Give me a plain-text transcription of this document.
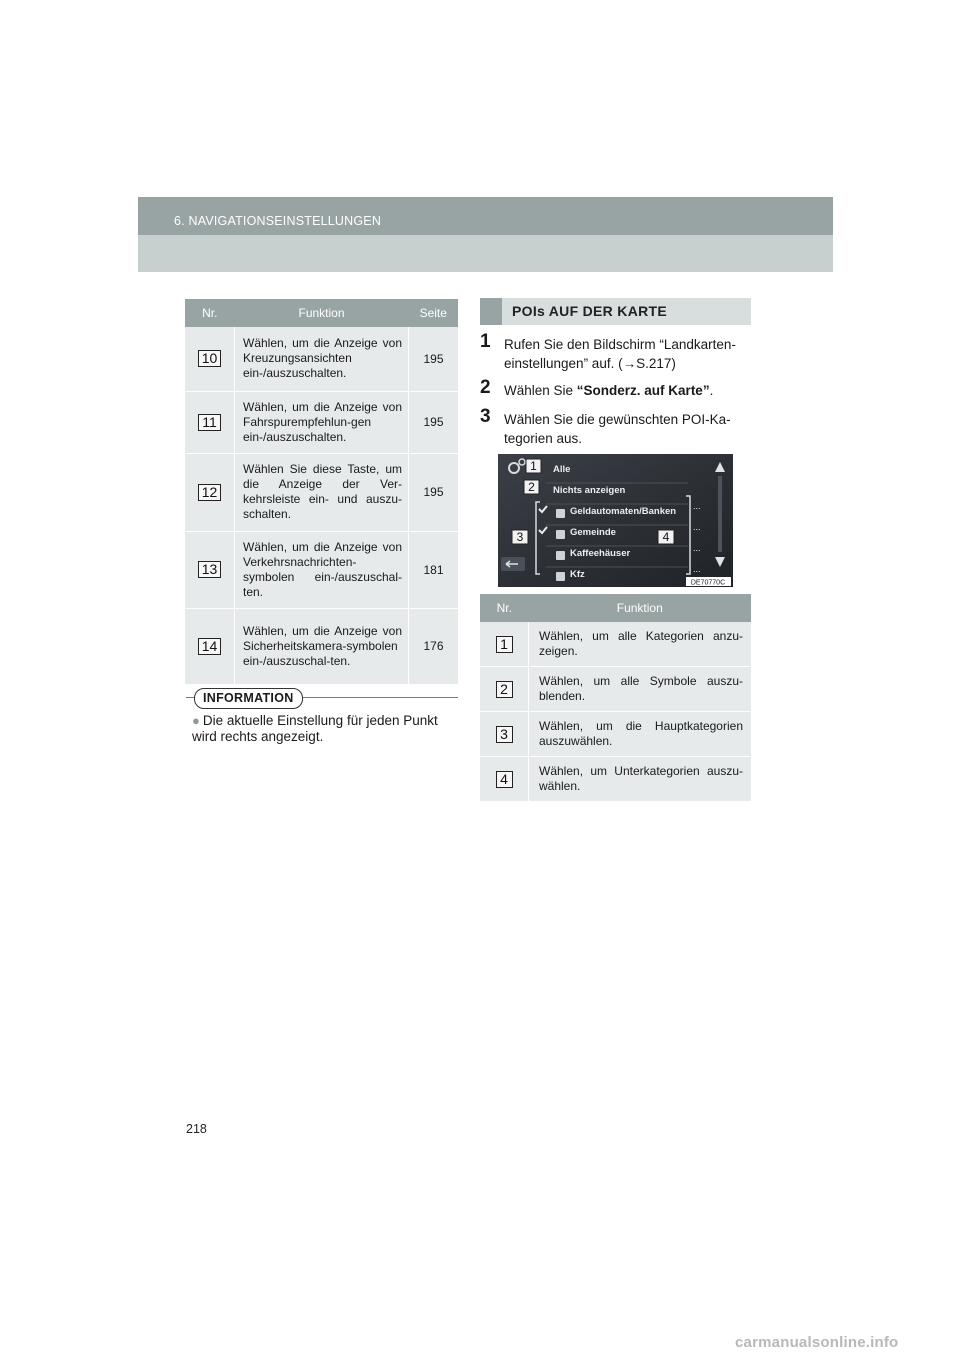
6. NAVIGATIONSEINSTELLUNGEN
Nr.	Funktion	Seite
10	Wählen, um die Anzeige von Kreuzungsansichten ein-/auszuschalten.	195
11	Wählen, um die Anzeige von Fahrspurempfehlun-gen ein-/auszuschalten.	195
12	Wählen Sie diese Taste, um die Anzeige der Ver-kehrsleiste ein- und auszu-schalten.	195
13	Wählen, um die Anzeige von Verkehrsnachrichten-symbolen ein-/auszuschal-ten.	181
14	Wählen, um die Anzeige von Sicherheitskamera-symbolen ein-/auszuschal-ten.	176
INFORMATION
● Die aktuelle Einstellung für jeden Punkt wird rechts angezeigt.
POIs AUF DER KARTE
1 Rufen Sie den Bildschirm “Landkarten-einstellungen” auf. (→S.217)
2 Wählen Sie “Sonderz. auf Karte”.
3 Wählen Sie die gewünschten POI-Ka-tegorien aus.
1
2
3	4
Alle
Nichts anzeigen
Geldautomaten/Banken
Gemeinde
Kaffeehäuser
Kfz
...
...
...
...
DE70770C
Nr.	Funktion
1	Wählen, um alle Kategorien anzu-zeigen.
2	Wählen, um alle Symbole auszu-blenden.
3	Wählen, um die Hauptkategorien auszuwählen.
4	Wählen, um Unterkategorien auszu-wählen.
218
carmanualsonline.info
